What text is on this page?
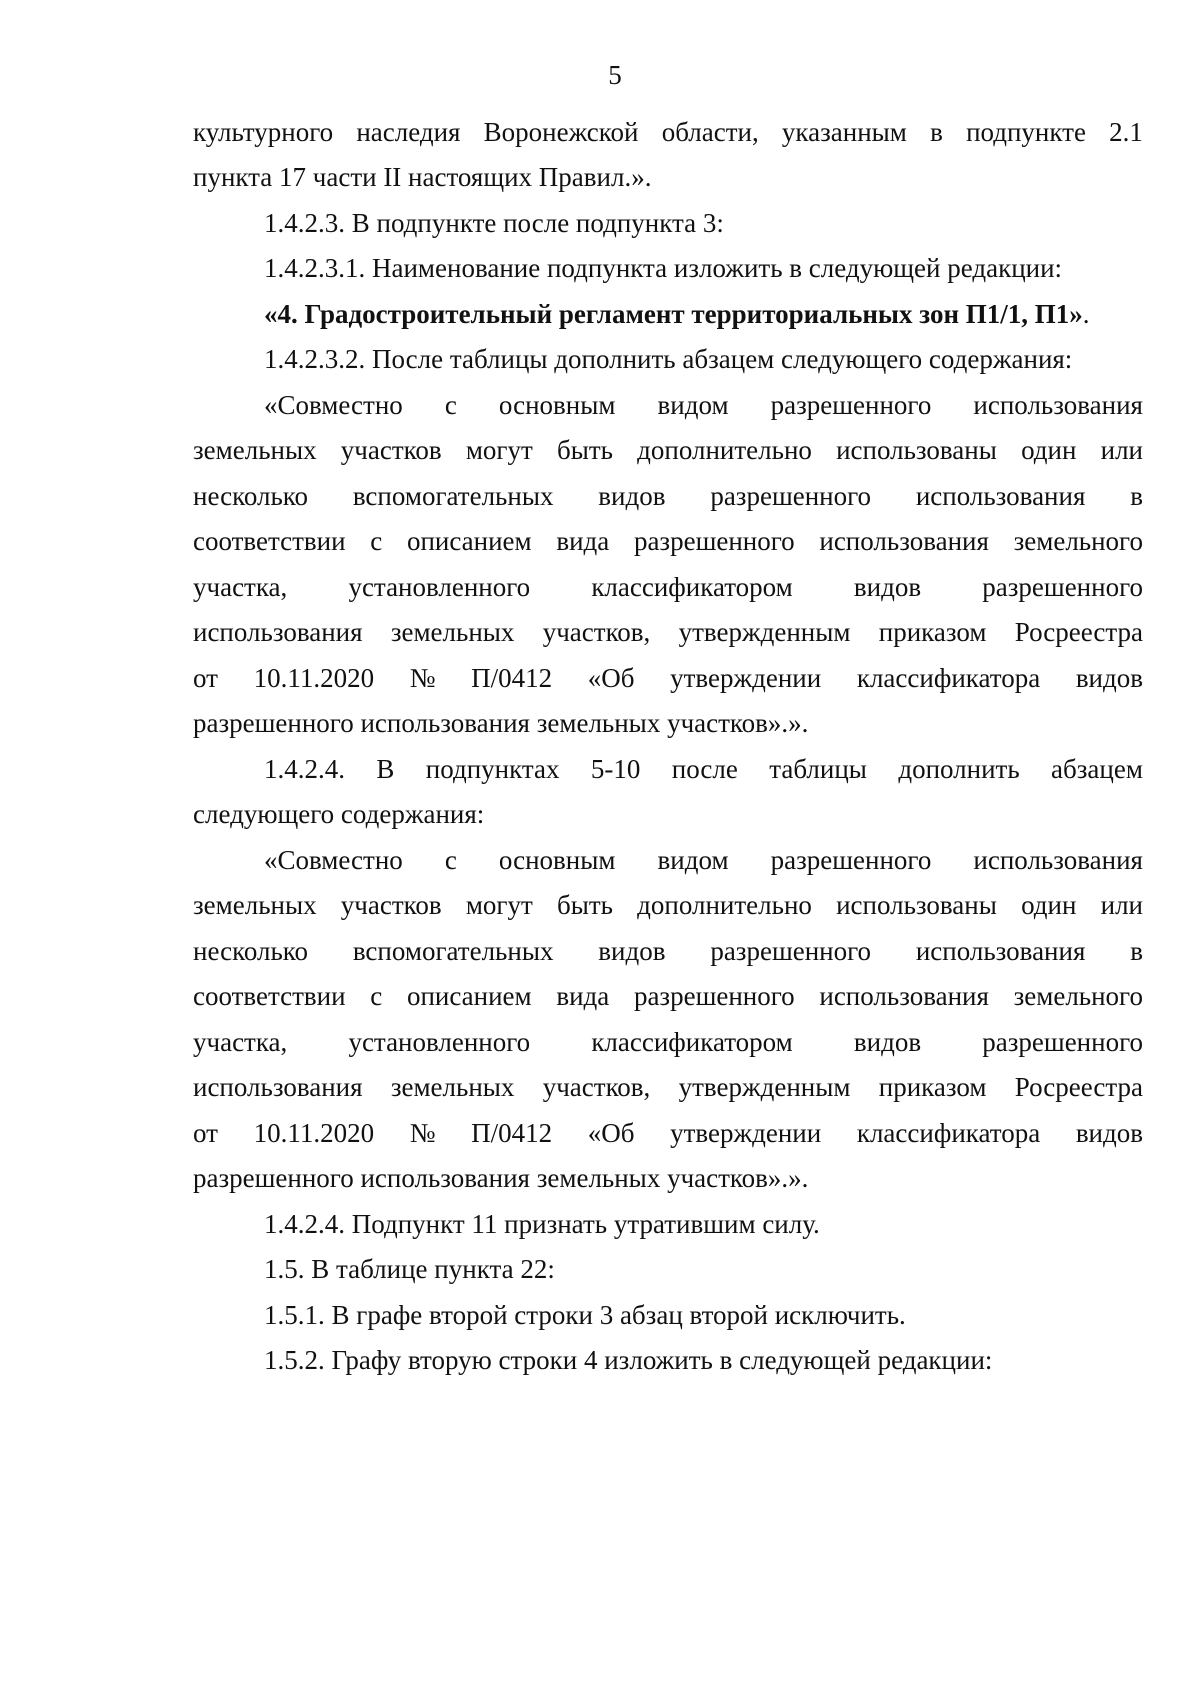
5
культурного наследия Воронежской области, указанным в подпункте 2.1
пункта 17 части II настоящих Правил.».
1.4.2.3. В подпункте после подпункта 3:
1.4.2.3.1. Наименование подпункта изложить в следующей редакции:
«4. Градостроительный регламент территориальных зон П1/1, П1».
1.4.2.3.2. После таблицы дополнить абзацем следующего содержания:
«Совместно с основным видом разрешенного использования
земельных участков могут быть дополнительно использованы один или
несколько вспомогательных видов разрешенного использования в
соответствии с описанием вида разрешенного использования земельного
участка, установленного классификатором видов разрешенного
использования земельных участков, утвержденным приказом Росреестра
от 10.11.2020 № П/0412 «Об утверждении классификатора видов
разрешенного использования земельных участков».».
1.4.2.4. В подпунктах 5-10 после таблицы дополнить абзацем
следующего содержания:
«Совместно с основным видом разрешенного использования
земельных участков могут быть дополнительно использованы один или
несколько вспомогательных видов разрешенного использования в
соответствии с описанием вида разрешенного использования земельного
участка, установленного классификатором видов разрешенного
использования земельных участков, утвержденным приказом Росреестра
от 10.11.2020 № П/0412 «Об утверждении классификатора видов
разрешенного использования земельных участков».».
1.4.2.4. Подпункт 11 признать утратившим силу.
1.5. В таблице пункта 22:
1.5.1. В графе второй строки 3 абзац второй исключить.
1.5.2. Графу вторую строки 4 изложить в следующей редакции:
